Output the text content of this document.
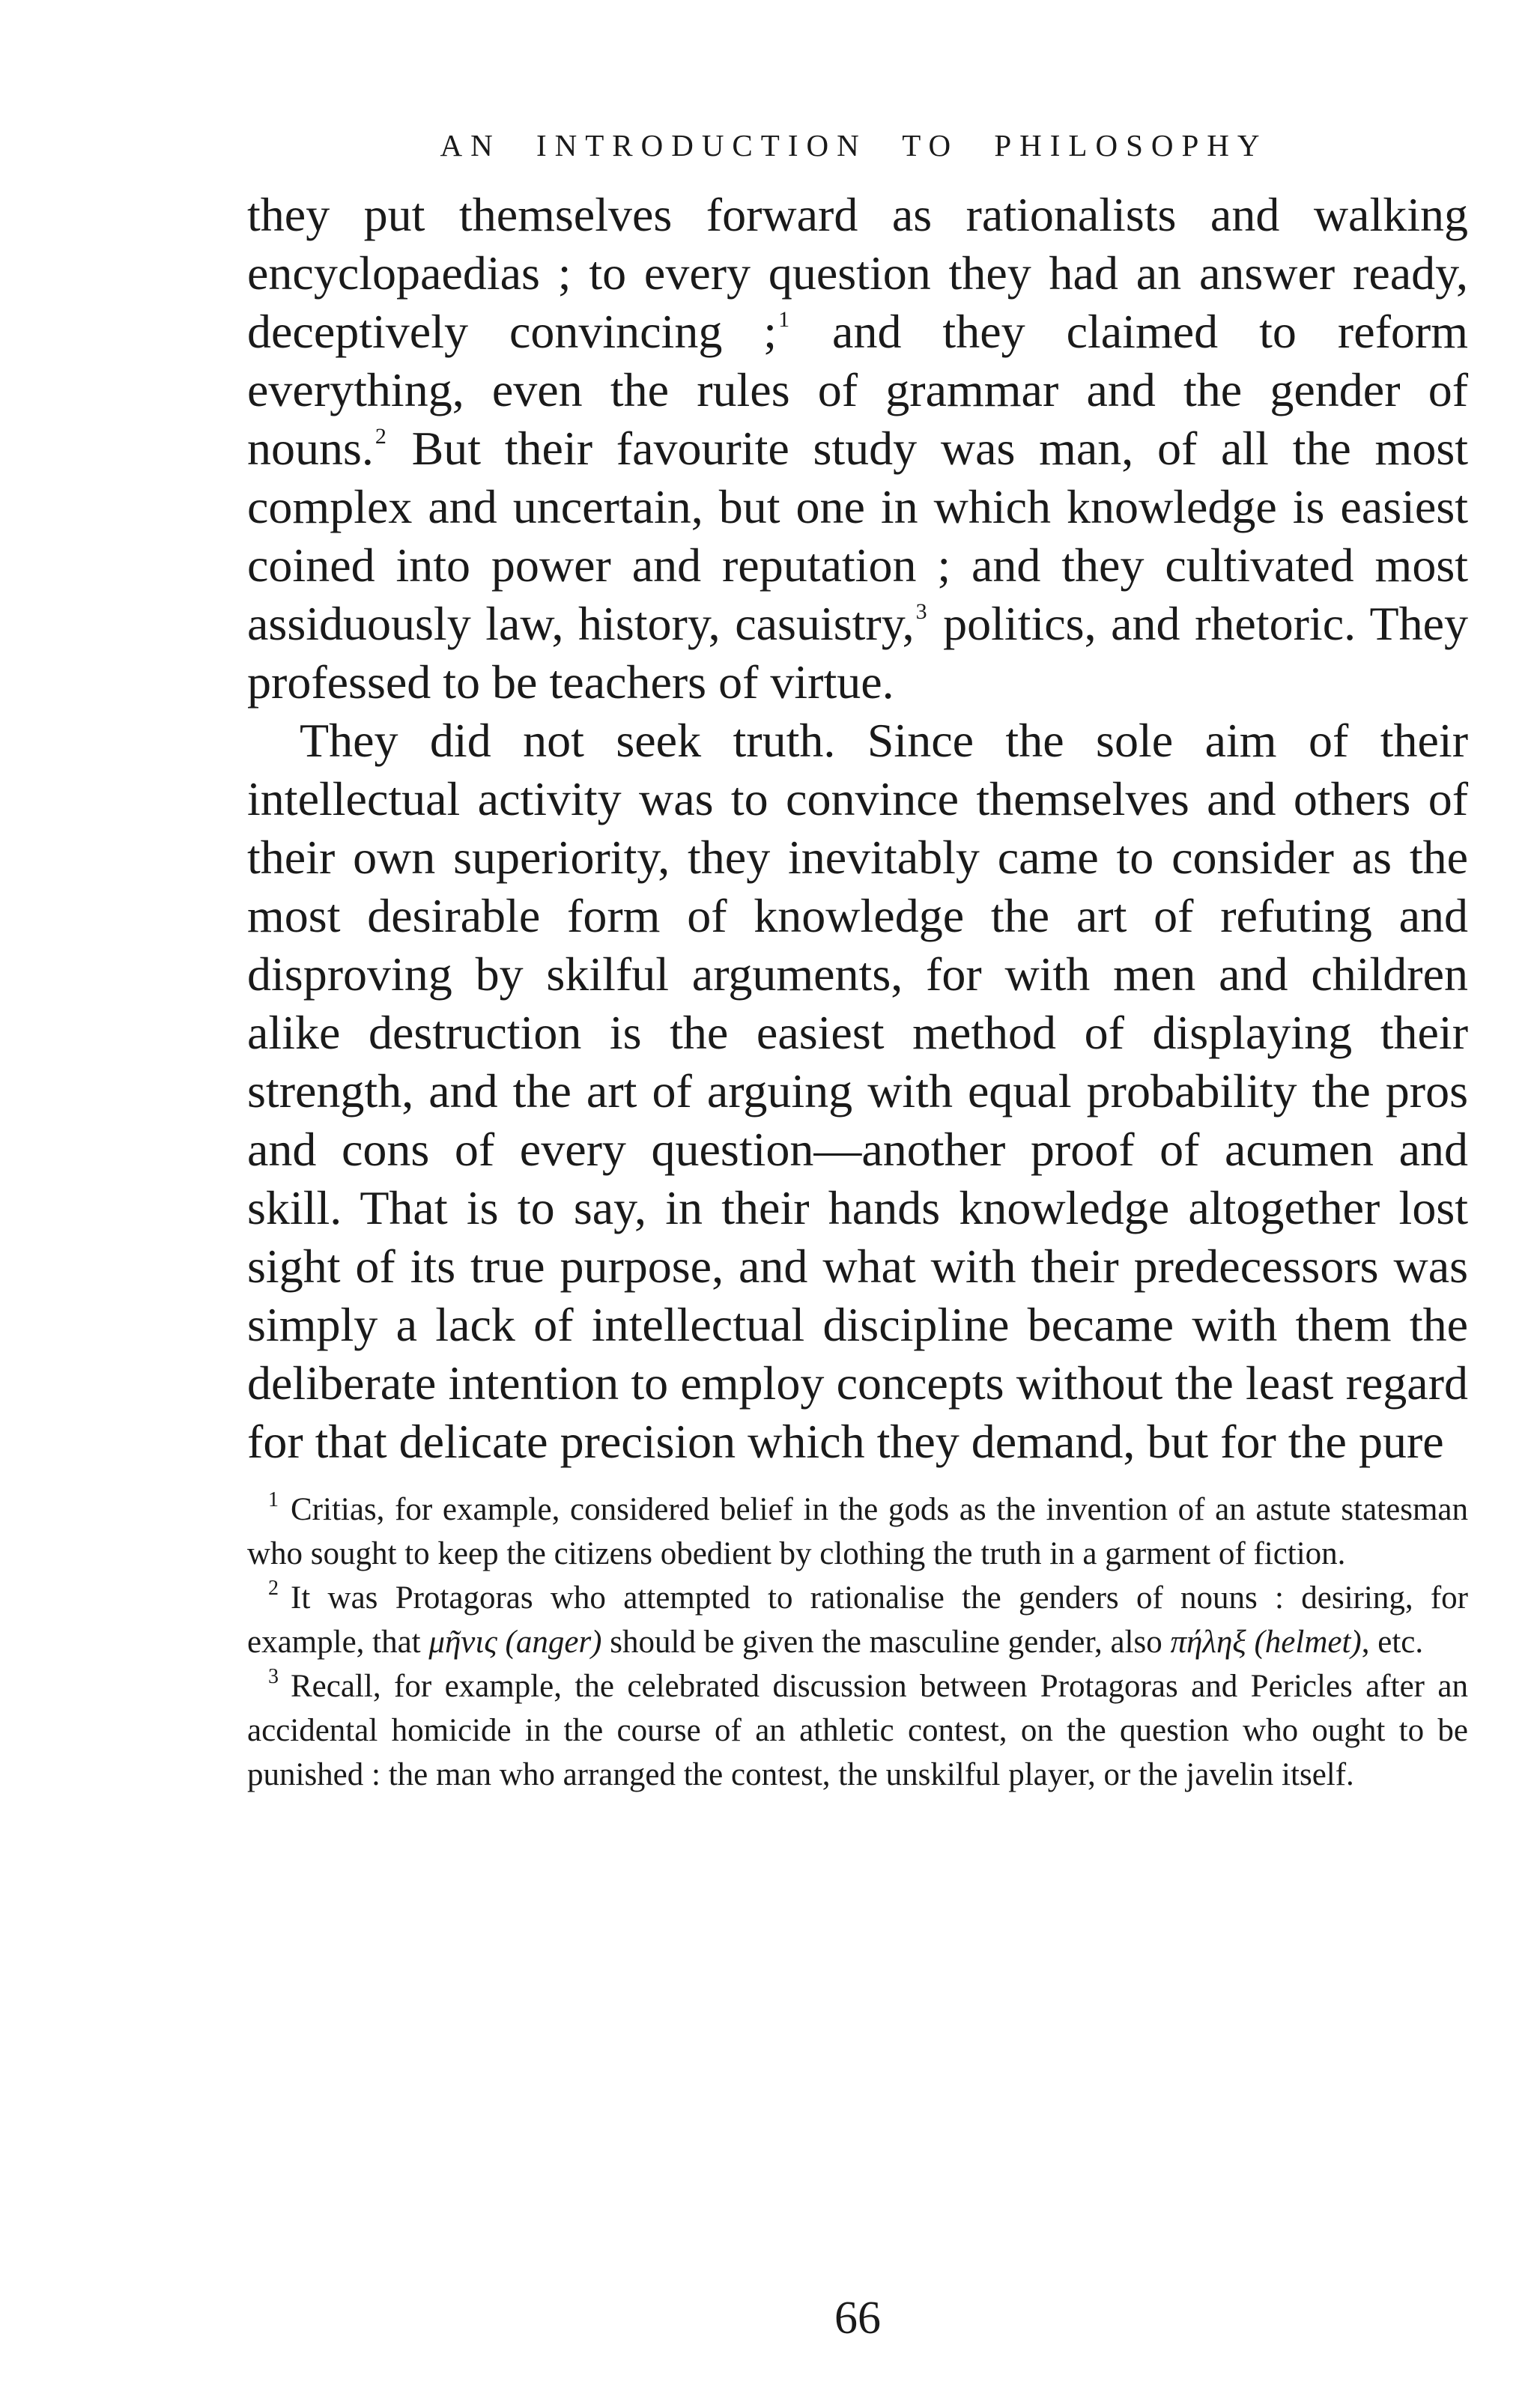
AN INTRODUCTION TO PHILOSOPHY

they put themselves forward as rationalists and walking encyclopaedias ; to every question they had an answer ready, deceptively convincing ;$^1$ and they claimed to reform everything, even the rules of grammar and the gender of nouns.$^2$ But their favourite study was man, of all the most complex and uncertain, but one in which knowledge is easiest coined into power and reputation ; and they cultivated most assiduously law, history, casuistry,$^3$ politics, and rhetoric. They professed to be teachers of virtue.

They did not seek truth. Since the sole aim of their intellectual activity was to convince themselves and others of their own superiority, they inevitably came to consider as the most desirable form of knowledge the art of refuting and disproving by skilful arguments, for with men and children alike destruction is the easiest method of displaying their strength, and the art of arguing with equal probability the pros and cons of every question—another proof of acumen and skill. That is to say, in their hands knowledge altogether lost sight of its true purpose, and what with their predecessors was simply a lack of intellectual discipline became with them the deliberate intention to employ concepts without the least regard for that delicate precision which they demand, but for the pure

$^1$ Critias, for example, considered belief in the gods as the invention of an astute statesman who sought to keep the citizens obedient by clothing the truth in a garment of fiction.

$^2$ It was Protagoras who attempted to rationalise the genders of nouns : desiring, for example, that μῆνις (anger) should be given the masculine gender, also πήληξ (helmet), etc.

$^3$ Recall, for example, the celebrated discussion between Protagoras and Pericles after an accidental homicide in the course of an athletic contest, on the question who ought to be punished : the man who arranged the contest, the unskilful player, or the javelin itself.

66
